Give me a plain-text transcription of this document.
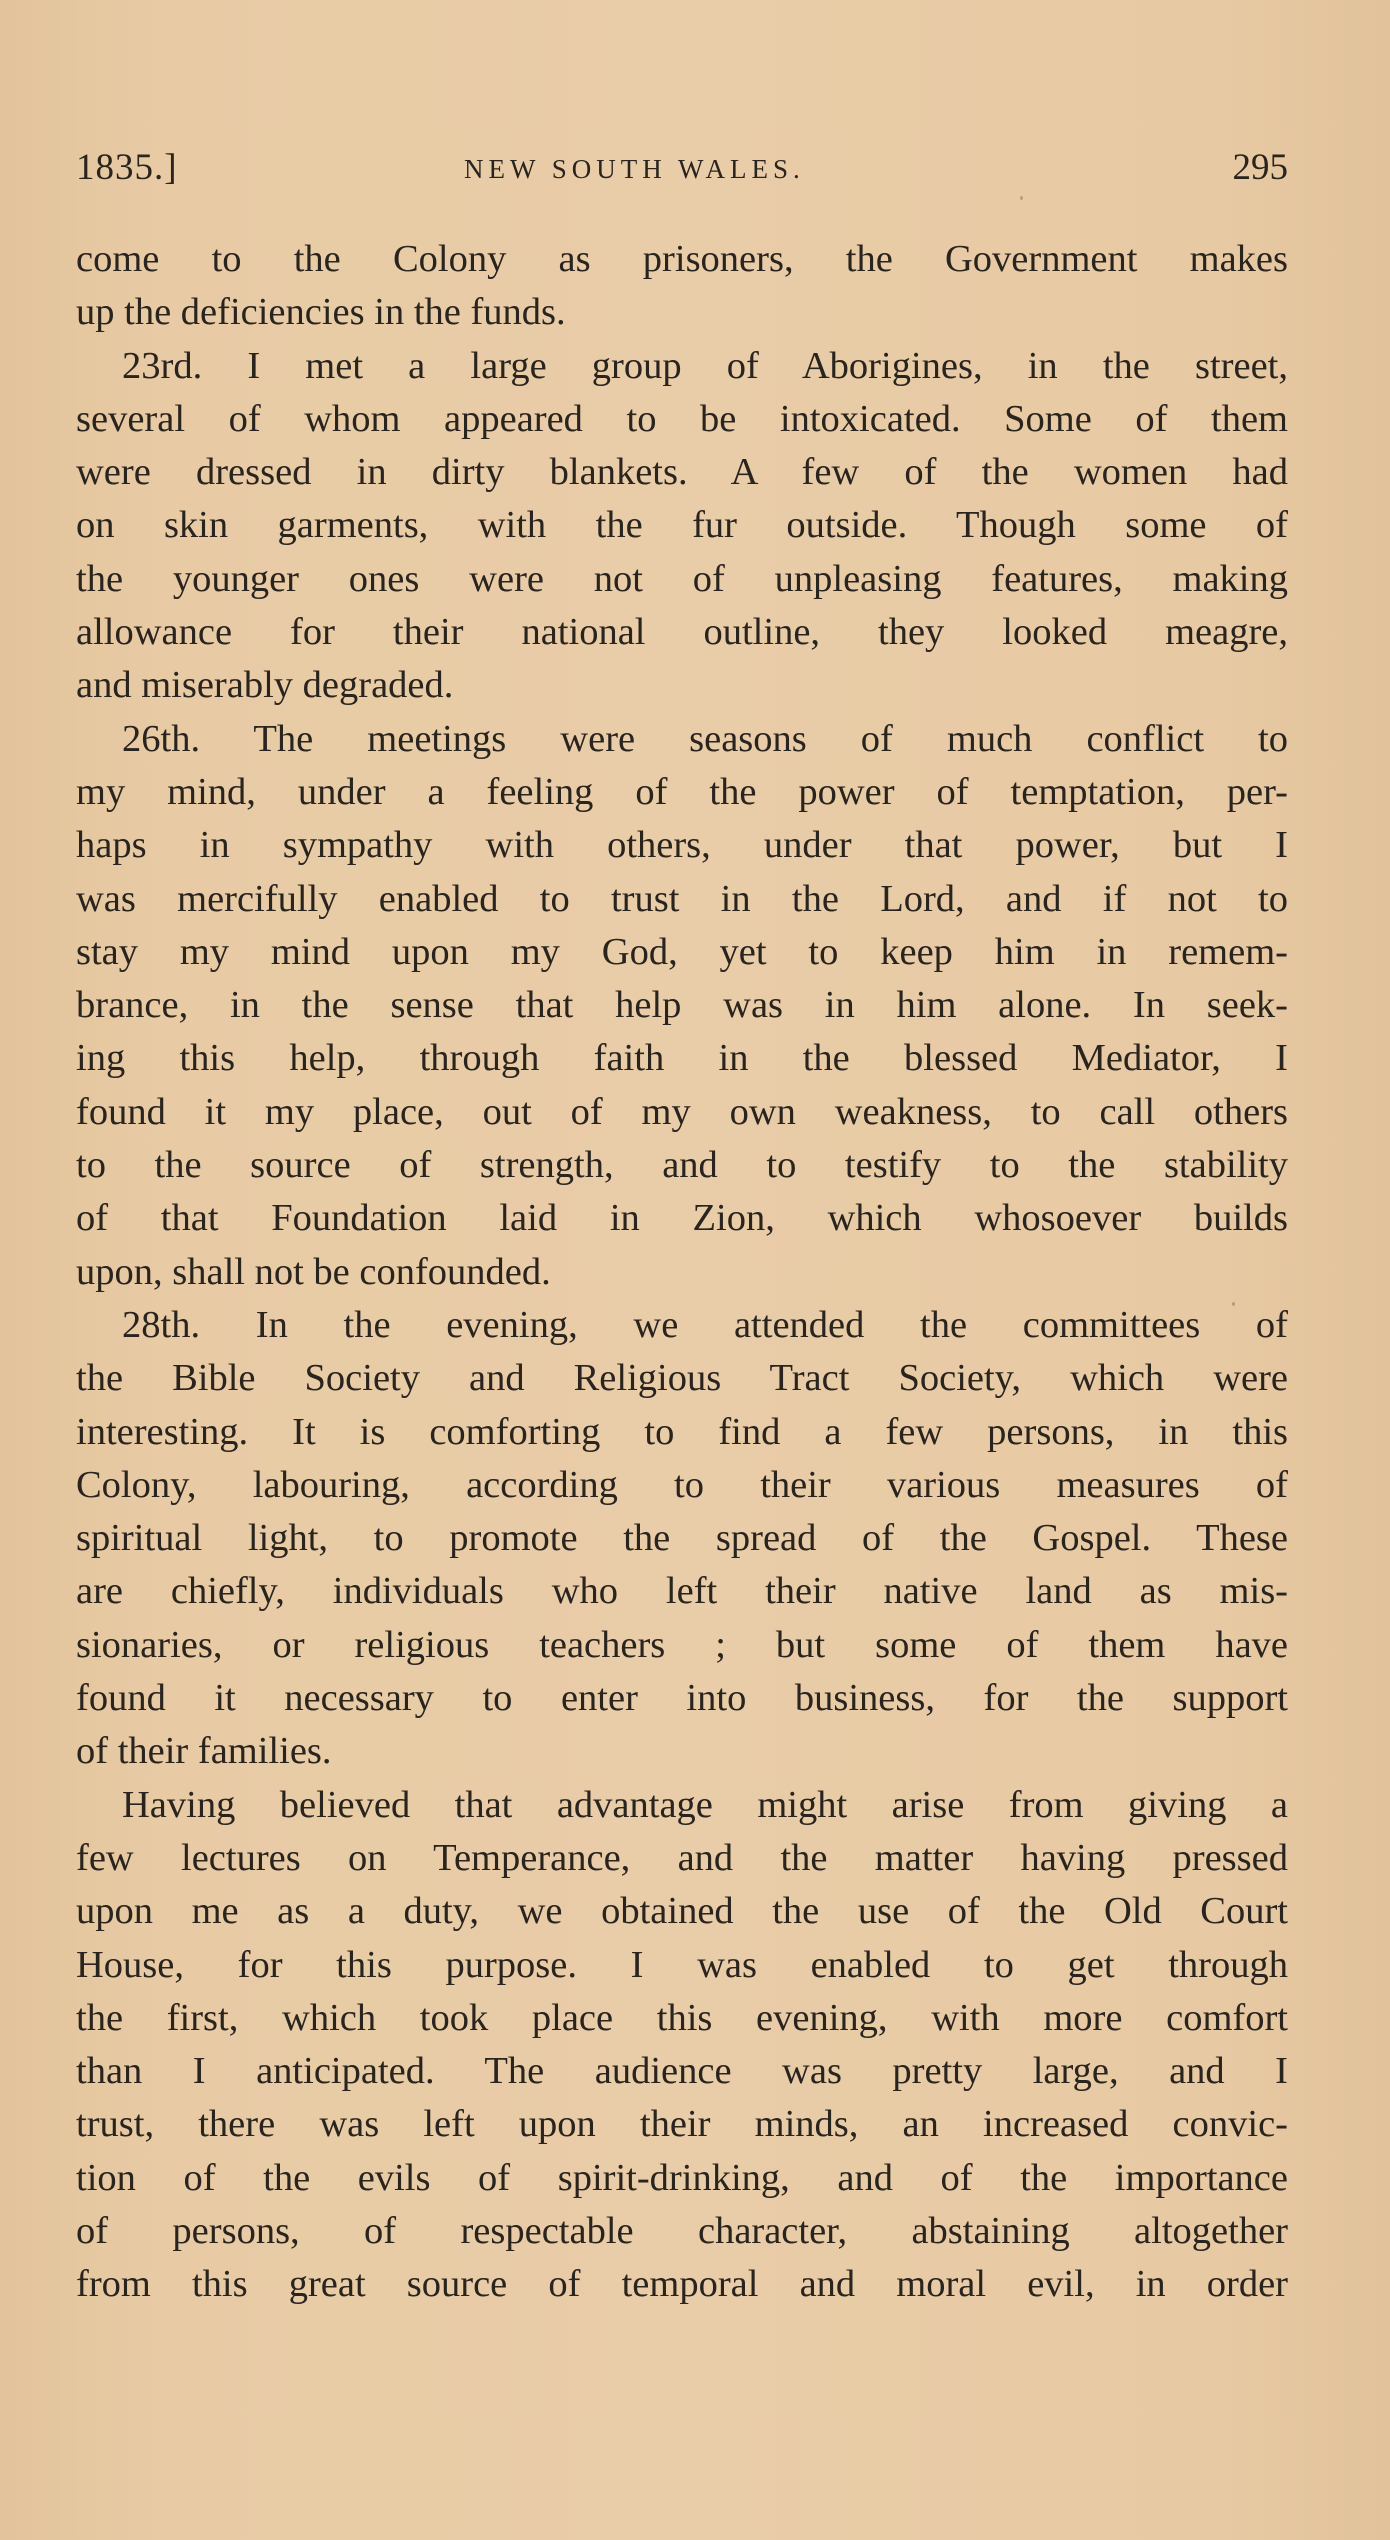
1835.]	NEW SOUTH WALES.	295
come to the Colony as prisoners, the Government makes
up the deficiencies in the funds.
23rd. I met a large group of Aborigines, in the street,
several of whom appeared to be intoxicated. Some of them
were dressed in dirty blankets. A few of the women had
on skin garments, with the fur outside. Though some of
the younger ones were not of unpleasing features, making
allowance for their national outline, they looked meagre,
and miserably degraded.
26th. The meetings were seasons of much conflict to
my mind, under a feeling of the power of temptation, per-
haps in sympathy with others, under that power, but I
was mercifully enabled to trust in the Lord, and if not to
stay my mind upon my God, yet to keep him in remem-
brance, in the sense that help was in him alone. In seek-
ing this help, through faith in the blessed Mediator, I
found it my place, out of my own weakness, to call others
to the source of strength, and to testify to the stability
of that Foundation laid in Zion, which whosoever builds
upon, shall not be confounded.
28th. In the evening, we attended the committees of
the Bible Society and Religious Tract Society, which were
interesting. It is comforting to find a few persons, in this
Colony, labouring, according to their various measures of
spiritual light, to promote the spread of the Gospel. These
are chiefly, individuals who left their native land as mis-
sionaries, or religious teachers ; but some of them have
found it necessary to enter into business, for the support
of their families.
Having believed that advantage might arise from giving a
few lectures on Temperance, and the matter having pressed
upon me as a duty, we obtained the use of the Old Court
House, for this purpose. I was enabled to get through
the first, which took place this evening, with more comfort
than I anticipated. The audience was pretty large, and I
trust, there was left upon their minds, an increased convic-
tion of the evils of spirit-drinking, and of the importance
of persons, of respectable character, abstaining altogether
from this great source of temporal and moral evil, in order
